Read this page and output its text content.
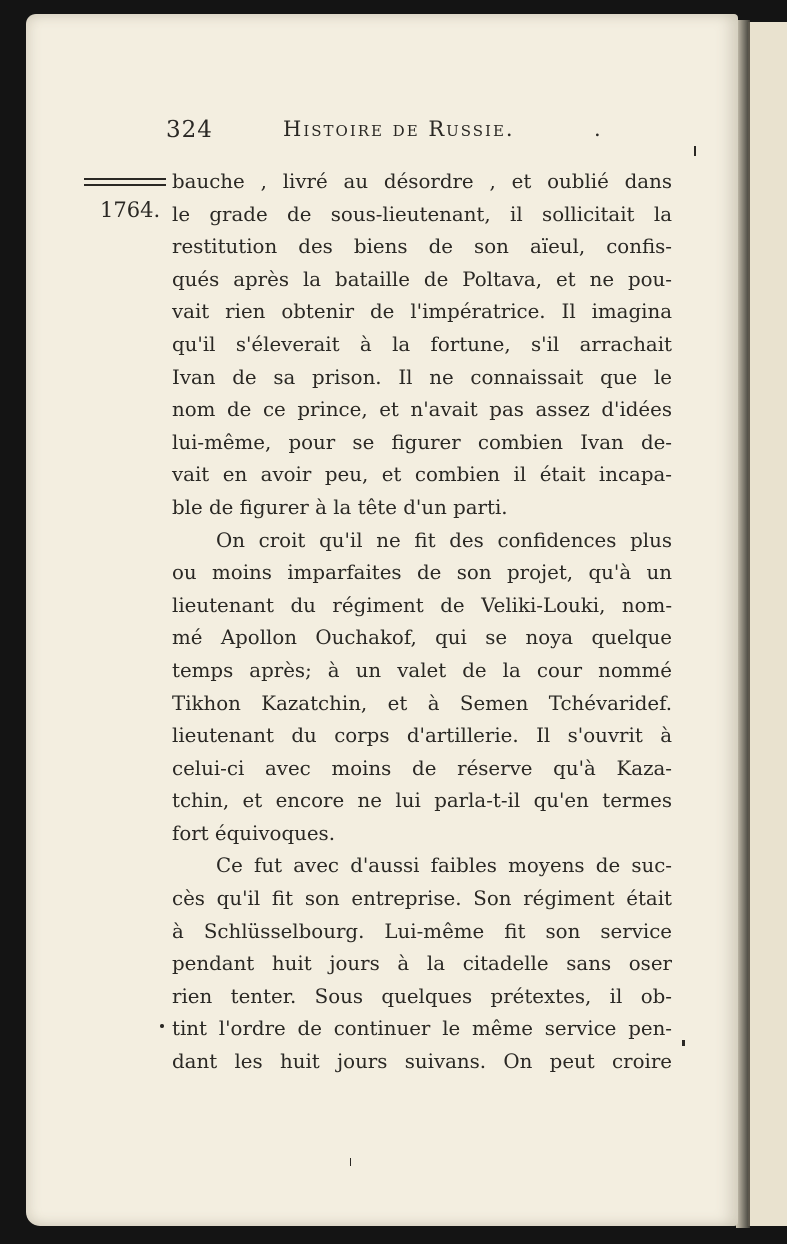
324	Histoire de Russie.	.
1764.
bauche , livré au désordre , et oublié dans
le grade de sous-lieutenant, il sollicitait la
restitution des biens de son aïeul, confis-
qués après la bataille de Poltava, et ne pou-
vait rien obtenir de l'impératrice. Il imagina
qu'il s'éleverait à la fortune, s'il arrachait
Ivan de sa prison. Il ne connaissait que le
nom de ce prince, et n'avait pas assez d'idées
lui-même, pour se figurer combien Ivan de-
vait en avoir peu, et combien il était incapa-
ble de figurer à la tête d'un parti.
On croit qu'il ne fit des confidences plus
ou moins imparfaites de son projet, qu'à un
lieutenant du régiment de Veliki-Louki, nom-
mé Apollon Ouchakof, qui se noya quelque
temps après; à un valet de la cour nommé
Tikhon Kazatchin, et à Semen Tchévaridef.
lieutenant du corps d'artillerie. Il s'ouvrit à
celui-ci avec moins de réserve qu'à Kaza-
tchin, et encore ne lui parla-t-il qu'en termes
fort équivoques.
Ce fut avec d'aussi faibles moyens de suc-
cès qu'il fit son entreprise. Son régiment était
à Schlüsselbourg. Lui-même fit son service
pendant huit jours à la citadelle sans oser
rien tenter. Sous quelques prétextes, il ob-
tint l'ordre de continuer le même service pen-
dant les huit jours suivans. On peut croire
